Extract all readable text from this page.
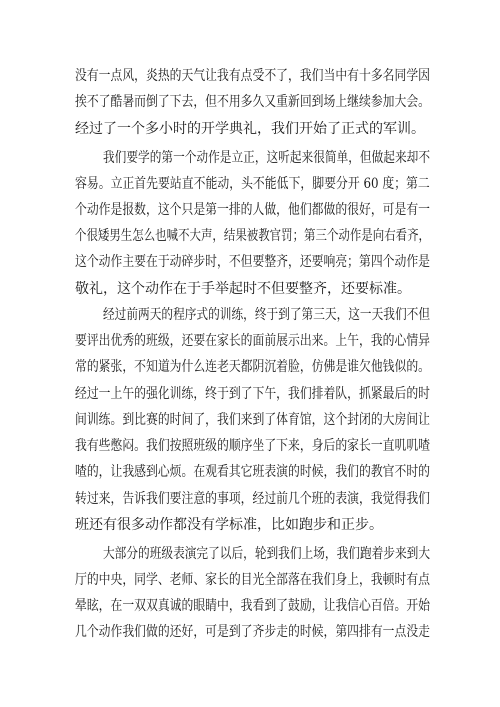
没有一点风，炎热的天气让我有点受不了，我们当中有十多名同学因
挨不了酷暑而倒了下去，但不用多久又重新回到场上继续参加大会。
经过了一个多小时的开学典礼，我们开始了正式的军训。
我们要学的第一个动作是立正，这听起来很简单，但做起来却不
容易。立正首先要站直不能动，头不能低下，脚要分开 60 度；第二
个动作是报数，这个只是第一排的人做，他们都做的很好，可是有一
个很矮男生怎么也喊不大声，结果被教官罚；第三个动作是向右看齐，
这个动作主要在于动碎步时，不但要整齐，还要响亮；第四个动作是
敬礼，这个动作在于手举起时不但要整齐，还要标准。
经过前两天的程序式的训练，终于到了第三天，这一天我们不但
要评出优秀的班级，还要在家长的面前展示出来。上午，我的心情异
常的紧张，不知道为什么连老天都阴沉着脸，仿佛是谁欠他钱似的。
经过一上午的强化训练，终于到了下午，我们排着队，抓紧最后的时
间训练。到比赛的时间了，我们来到了体育馆，这个封闭的大房间让
我有些憋闷。我们按照班级的顺序坐了下来，身后的家长一直叽叽喳
喳的，让我感到心烦。在观看其它班表演的时候，我们的教官不时的
转过来，告诉我们要注意的事项，经过前几个班的表演，我觉得我们
班还有很多动作都没有学标准，比如跑步和正步。
大部分的班级表演完了以后，轮到我们上场，我们跑着步来到大
厅的中央，同学、老师、家长的目光全部落在我们身上，我顿时有点
晕眩，在一双双真诚的眼睛中，我看到了鼓励，让我信心百倍。开始
几个动作我们做的还好，可是到了齐步走的时候，第四排有一点没走
